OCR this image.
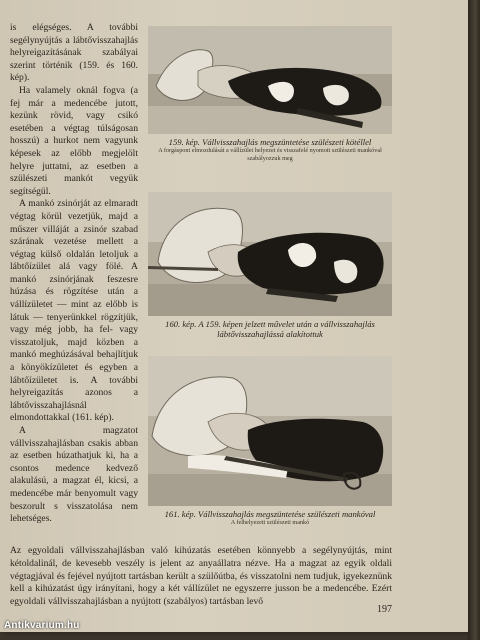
is elégséges. A további segélynyújtás a lábtővisszahajlás helyreigazításának szabályai szerint történik (159. és 160. kép).

Ha valamely oknál fogva (a fej már a medencébe jutott, kezünk rövid, vagy csikó esetében a végtag túlságosan hosszú) a hurkot nem vagyunk képesek az előbb megjelölt helyre juttatni, az esetben a szülészeti mankót vegyük segítségül.

A mankó zsinórját az elmaradt végtag körül vezetjük, majd a műszer villáját a zsinór szabad szárának vezetése mellett a végtag külső oldalán letoljuk a lábtőízület alá vagy fölé. A mankó zsinórjának feszesre húzása és rögzítése után a vállízületet — mint az előbb is látuk — tenyerünkkel rögzítjük, vagy még jobb, ha fel- vagy visszatoljuk, majd közben a mankó meghúzásával behajlítjuk a könyökízületet és egyben a lábtőízületet is. A további helyreigazítás azonos a lábtővisszahajlásnál elmondottakkal (161. kép).

A magzatot vállvisszahajlásban csakis abban az esetben húzathatjuk ki, ha a csontos medence kedvező alakulású, a magzat él, kicsi, a medencébe már benyomult vagy beszorult s visszatolása nem lehetséges.

159. kép. Vállvisszahajlás megszüntetése szülészeti kötéllel
A forgáspont elmozdulását a vállízület helyezet és visszafelé nyomott szülészeti mankóval szabályozzuk meg
160. kép. A 159. képen jelzett művelet után a vállvisszahajlás lábtővisszahajlássá alakítottuk
161. kép. Vállvisszahajlás megszüntetése szülészeti mankóval
A felhelyezett szülészeti mankó

Az egyoldali vállvisszahajlásban való kihúzatás esetében könnyebb a segélynyújtás, mint kétoldalinál, de kevesebb veszély is jelent az anyaállatra nézve. Ha a magzat az egyik oldali végtagjával és fejével nyújtott tartásban került a szülőútba, és visszatolni nem tudjuk, igyekeznünk kell a kihúzatást úgy irányítani, hogy a két vállízület ne egyszerre jusson be a medencébe. Ezért egyoldali vállvisszahajlásban a nyújtott (szabályos) tartásban levő

197
Antikvarium.hu
